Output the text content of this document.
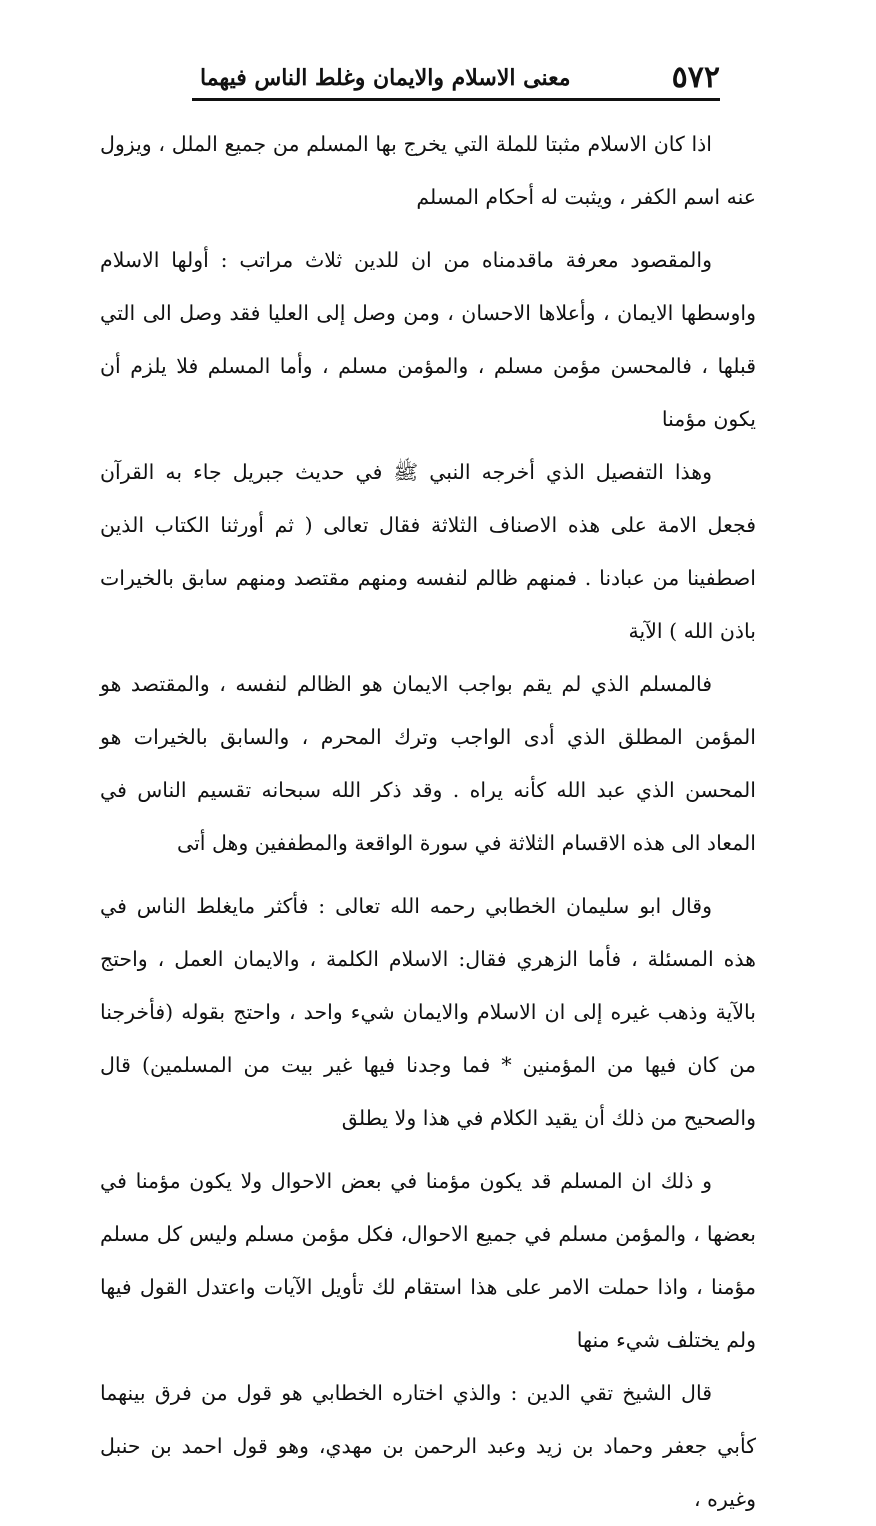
٥٧٢
معنى الاسلام والايمان وغلط الناس فيهما

اذا كان الاسلام مثبتا للملة التي يخرج بها المسلم من جميع الملل ، ويزول عنه اسم الكفر ، ويثبت له أحكام المسلم

والمقصود معرفة ماقدمناه من ان للدين ثلاث مراتب : أولها الاسلام واوسطها الايمان ، وأعلاها الاحسان ، ومن وصل إلى العليا فقد وصل الى التي قبلها ، فالمحسن مؤمن مسلم ، والمؤمن مسلم ، وأما المسلم فلا يلزم أن يكون مؤمنا

وهذا التفصيل الذي أخرجه النبي ﷺ في حديث جبريل جاء به القرآن فجعل الامة على هذه الاصناف الثلاثة فقال تعالى ( ثم أورثنا الكتاب الذين اصطفينا من عبادنا . فمنهم ظالم لنفسه ومنهم مقتصد ومنهم سابق بالخيرات باذن الله ) الآية

فالمسلم الذي لم يقم بواجب الايمان هو الظالم لنفسه ، والمقتصد هو المؤمن المطلق الذي أدى الواجب وترك المحرم ، والسابق بالخيرات هو المحسن الذي عبد الله كأنه يراه . وقد ذكر الله سبحانه تقسيم الناس في المعاد الى هذه الاقسام الثلاثة في سورة الواقعة والمطففين وهل أتى

وقال ابو سليمان الخطابي رحمه الله تعالى : فأكثر مايغلط الناس في هذه المسئلة ، فأما الزهري فقال: الاسلام الكلمة ، والايمان العمل ، واحتج بالآية وذهب غيره إلى ان الاسلام والايمان شيء واحد ، واحتج بقوله (فأخرجنا من كان فيها من المؤمنين * فما وجدنا فيها غير بيت من المسلمين) قال والصحيح من ذلك أن يقيد الكلام في هذا ولا يطلق

و ذلك ان المسلم قد يكون مؤمنا في بعض الاحوال ولا يكون مؤمنا في بعضها ، والمؤمن مسلم في جميع الاحوال، فكل مؤمن مسلم وليس كل مسلم مؤمنا ، واذا حملت الامر على هذا استقام لك تأويل الآيات واعتدل القول فيها ولم يختلف شيء منها

قال الشيخ تقي الدين : والذي اختاره الخطابي هو قول من فرق بينهما كأبي جعفر وحماد بن زيد وعبد الرحمن بن مهدي، وهو قول احمد بن حنبل وغيره ،
